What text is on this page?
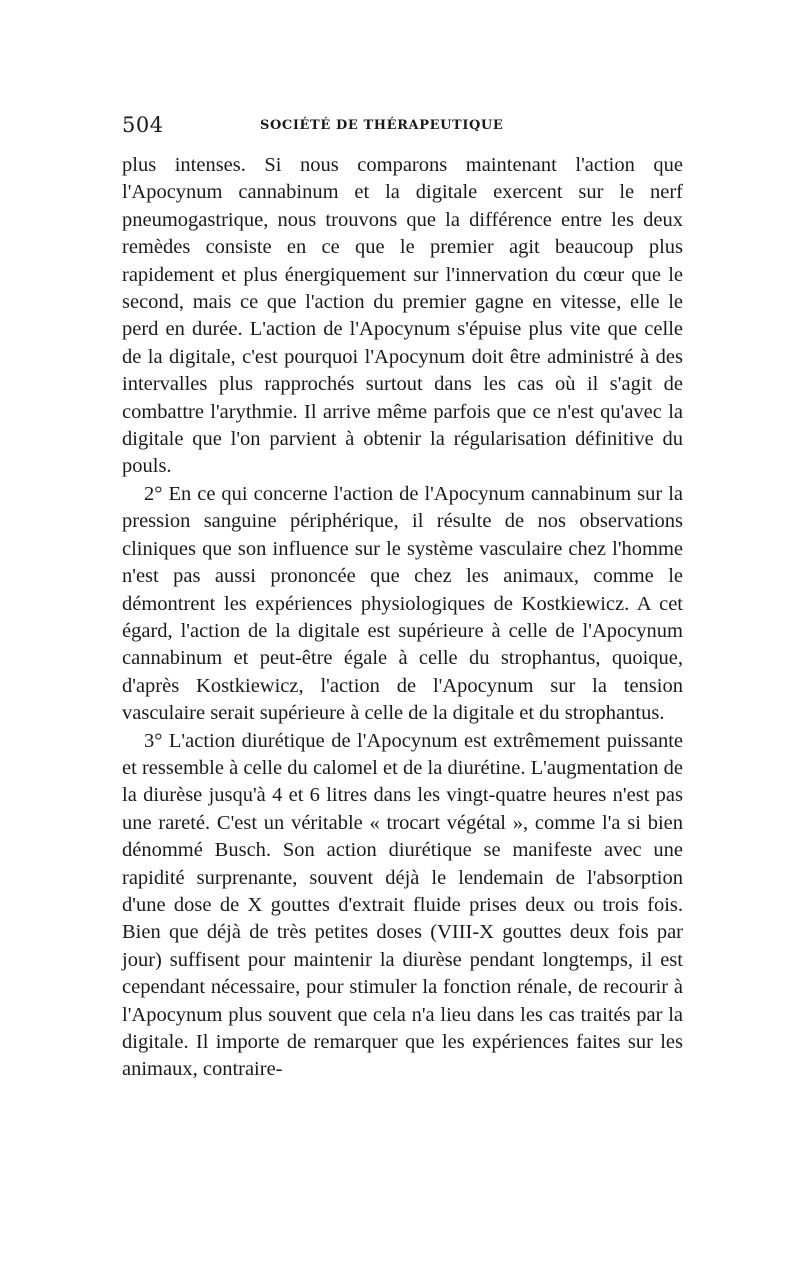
504	SOCIÉTÉ DE THÉRAPEUTIQUE

plus intenses. Si nous comparons maintenant l'action que l'Apocynum cannabinum et la digitale exercent sur le nerf pneumogastrique, nous trouvons que la différence entre les deux remèdes consiste en ce que le premier agit beaucoup plus rapidement et plus énergiquement sur l'innervation du cœur que le second, mais ce que l'action du premier gagne en vitesse, elle le perd en durée. L'action de l'Apocynum s'épuise plus vite que celle de la digitale, c'est pourquoi l'Apocynum doit être administré à des intervalles plus rapprochés surtout dans les cas où il s'agit de combattre l'arythmie. Il arrive même parfois que ce n'est qu'avec la digitale que l'on parvient à obtenir la régularisation définitive du pouls.

2° En ce qui concerne l'action de l'Apocynum cannabinum sur la pression sanguine périphérique, il résulte de nos observations cliniques que son influence sur le système vasculaire chez l'homme n'est pas aussi prononcée que chez les animaux, comme le démontrent les expériences physiologiques de Kostkiewicz. A cet égard, l'action de la digitale est supérieure à celle de l'Apocynum cannabinum et peut-être égale à celle du strophantus, quoique, d'après Kostkiewicz, l'action de l'Apocynum sur la tension vasculaire serait supérieure à celle de la digitale et du strophantus.

3° L'action diurétique de l'Apocynum est extrêmement puissante et ressemble à celle du calomel et de la diurétine. L'augmentation de la diurèse jusqu'à 4 et 6 litres dans les vingt-quatre heures n'est pas une rareté. C'est un véritable « trocart végétal », comme l'a si bien dénommé Busch. Son action diurétique se manifeste avec une rapidité surprenante, souvent déjà le lendemain de l'absorption d'une dose de X gouttes d'extrait fluide prises deux ou trois fois. Bien que déjà de très petites doses (VIII-X gouttes deux fois par jour) suffisent pour maintenir la diurèse pendant longtemps, il est cependant nécessaire, pour stimuler la fonction rénale, de recourir à l'Apocynum plus souvent que cela n'a lieu dans les cas traités par la digitale. Il importe de remarquer que les expériences faites sur les animaux, contraire-
